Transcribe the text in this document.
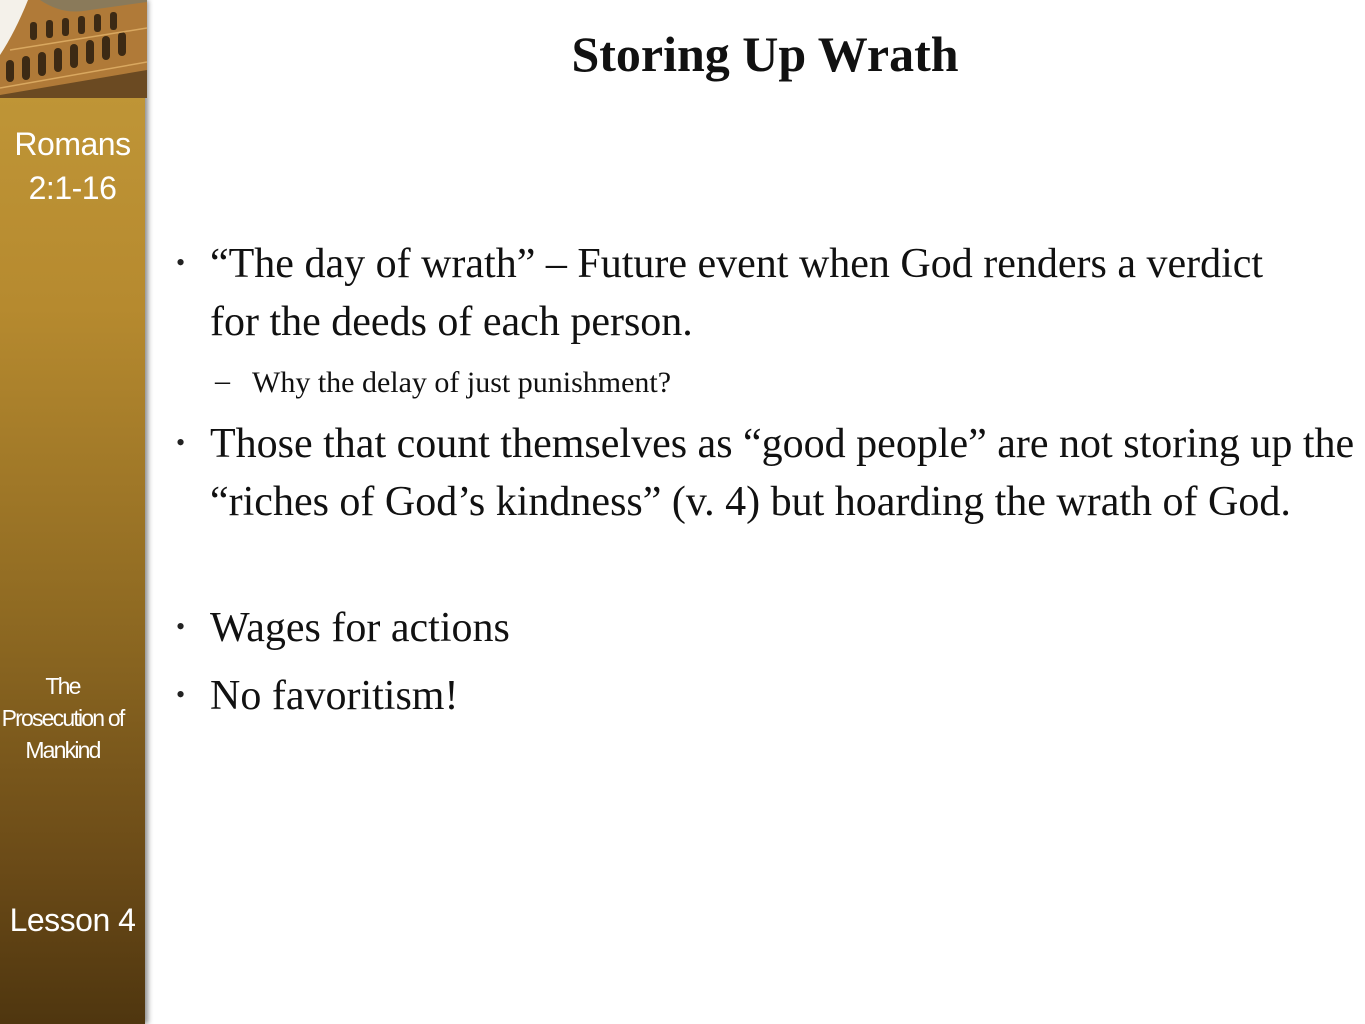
Romans 2:1-16
The Prosecution of Mankind
Lesson 4
Storing Up Wrath
• “The day of wrath” – Future event when God renders a verdict for the deeds of each person.

– Why the delay of just punishment?

• Those that count themselves as “good people” are not storing up the “riches of God’s kindness” (v. 4) but hoarding the wrath of God.

• Wages for actions

• No favoritism!
